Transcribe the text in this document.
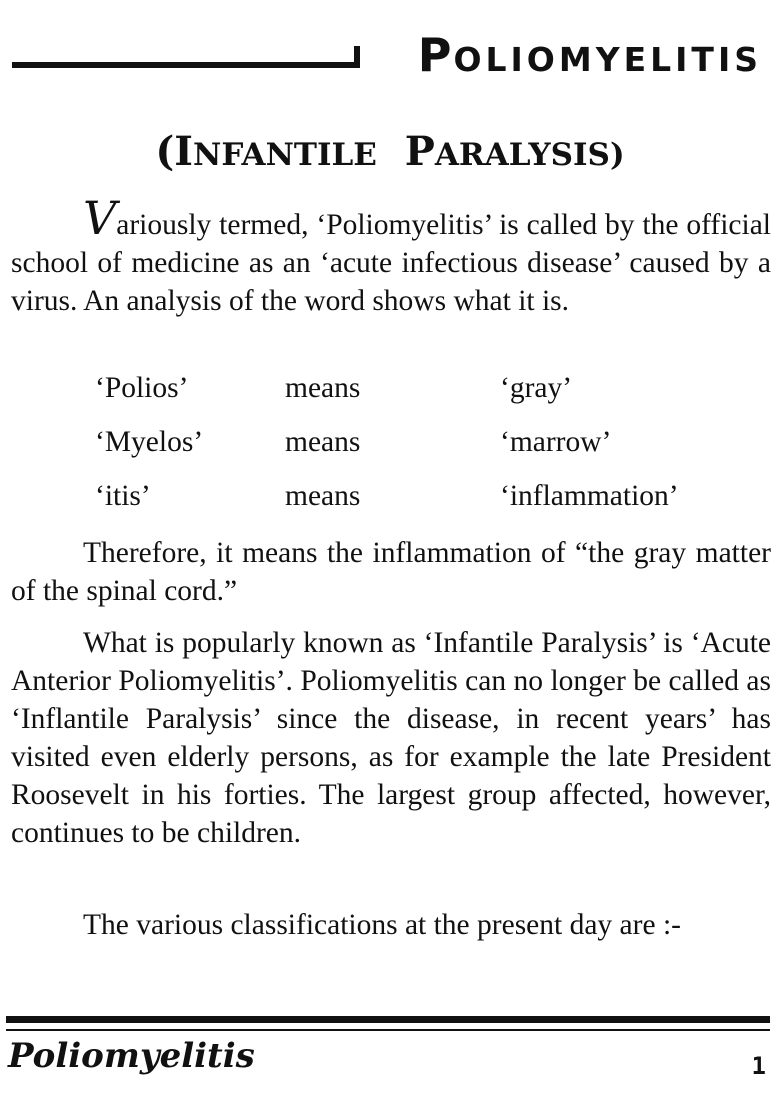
POLIOMYELITIS
(INFANTILE PARALYSIS)
Variously termed, ‘Poliomyelitis’ is called by the official school of medicine as an ‘acute infectious disease’ caused by a virus. An analysis of the word shows what it is.
‘Polios’	means	‘gray’
‘Myelos’	means	‘marrow’
‘itis’	means	‘inflammation’
Therefore, it means the inflammation of “the gray matter of the spinal cord.”
What is popularly known as ‘Infantile Paralysis’ is ‘Acute Anterior Poliomyelitis’. Poliomyelitis can no longer be called as ‘Inflantile Paralysis’ since the disease, in recent years’ has visited even elderly persons, as for example the late President Roosevelt in his forties. The largest group affected, however, continues to be children.
The various classifications at the present day are :-
Poliomyelitis	1
